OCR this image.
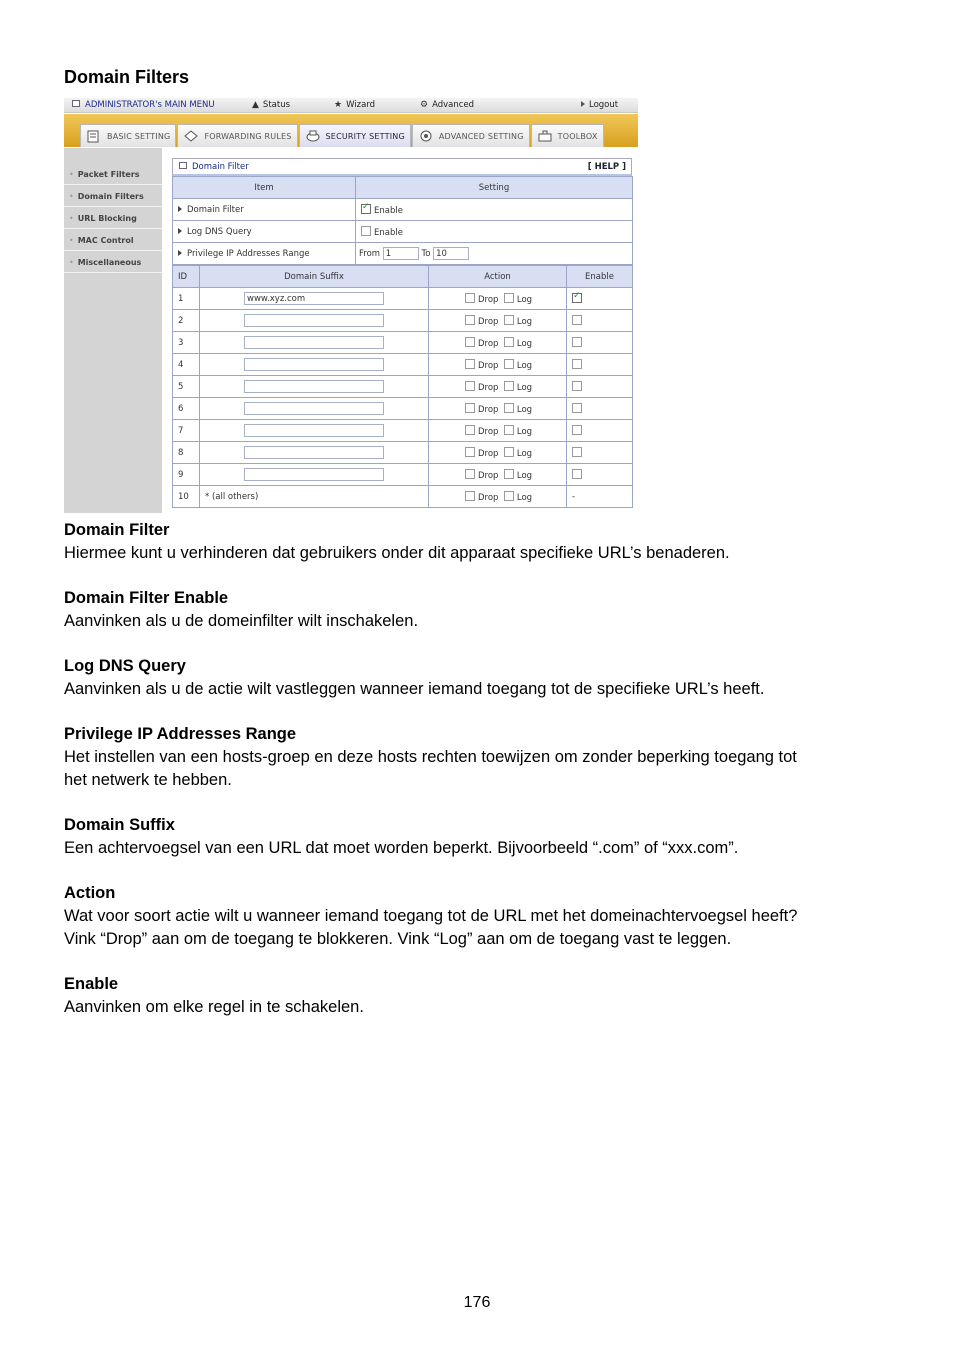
Domain Filters
ADMINISTRATOR's MAIN MENU	▲ Status	★ Wizard	⚙ Advanced	Logout
BASIC SETTING	FORWARDING RULES	SECURITY SETTING	ADVANCED SETTING	TOOLBOX
• Packet Filters
• Domain Filters
• URL Blocking
• MAC Control
• Miscellaneous
Domain Filter	[ HELP ]
Item	Setting
Domain Filter	✓Enable
Log DNS Query	Enable
Privilege IP Addresses Range	From 1 To 10
ID	Domain Suffix	Action	Enable
1	www.xyz.com	Drop Log	✓
2		Drop Log	
3		Drop Log	
4		Drop Log	
5		Drop Log	
6		Drop Log	
7		Drop Log	
8		Drop Log	
9		Drop Log	
10	* (all others)	Drop Log	-
Domain Filter
Hiermee kunt u verhinderen dat gebruikers onder dit apparaat specifieke URL’s benaderen.
Domain Filter Enable
Aanvinken als u de domeinfilter wilt inschakelen.
Log DNS Query
Aanvinken als u de actie wilt vastleggen wanneer iemand toegang tot de specifieke URL’s heeft.
Privilege IP Addresses Range
Het instellen van een hosts-groep en deze hosts rechten toewijzen om zonder beperking toegang tot
het netwerk te hebben.
Domain Suffix
Een achtervoegsel van een URL dat moet worden beperkt. Bijvoorbeeld “.com” of “xxx.com”.
Action
Wat voor soort actie wilt u wanneer iemand toegang tot de URL met het domeinachtervoegsel heeft?
Vink “Drop” aan om de toegang te blokkeren. Vink “Log” aan om de toegang vast te leggen.
Enable
Aanvinken om elke regel in te schakelen.
176
